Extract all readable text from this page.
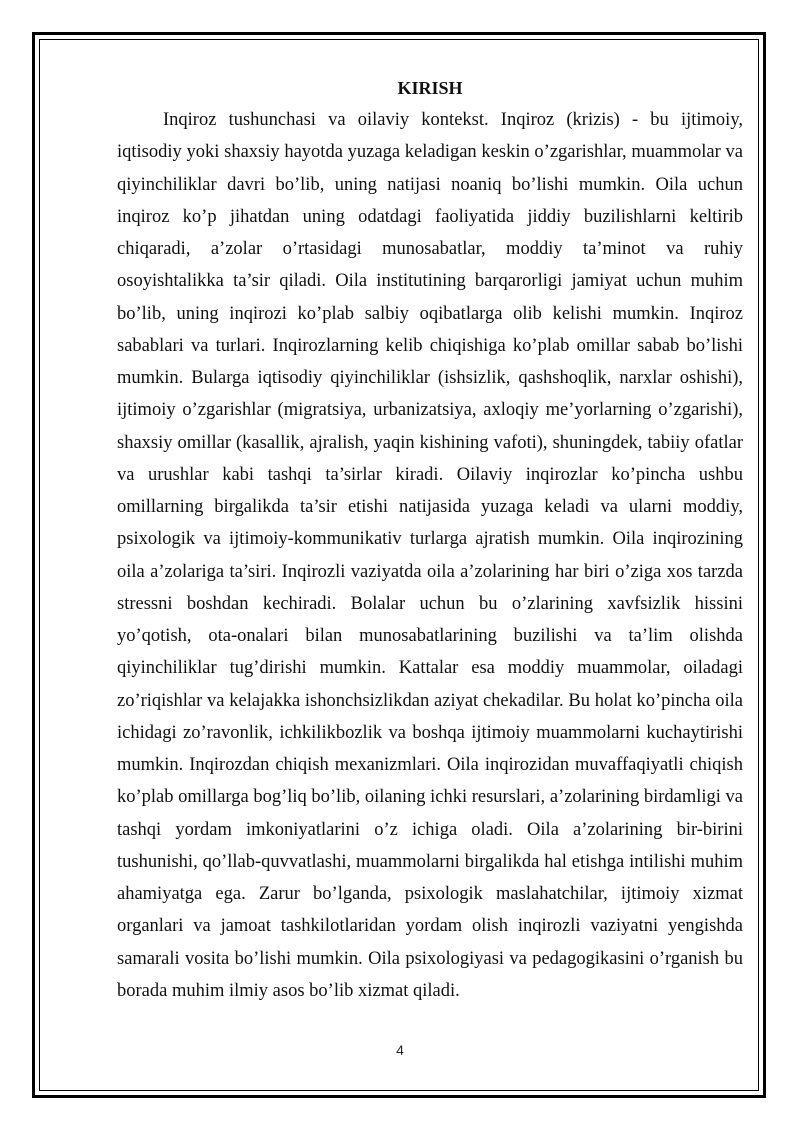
KIRISH

Inqiroz tushunchasi va oilaviy kontekst. Inqiroz (krizis) - bu ijtimoiy, iqtisodiy yoki shaxsiy hayotda yuzaga keladigan keskin o’zgarishlar, muammolar va qiyinchiliklar davri bo’lib, uning natijasi noaniq bo’lishi mumkin. Oila uchun inqiroz ko’p jihatdan uning odatdagi faoliyatida jiddiy buzilishlarni keltirib chiqaradi, a’zolar o’rtasidagi munosabatlar, moddiy ta’minot va ruhiy osoyishtalikka ta’sir qiladi. Oila institutining barqarorligi jamiyat uchun muhim bo’lib, uning inqirozi ko’plab salbiy oqibatlarga olib kelishi mumkin. Inqiroz sabablari va turlari. Inqirozlarning kelib chiqishiga ko’plab omillar sabab bo’lishi mumkin. Bularga iqtisodiy qiyinchiliklar (ishsizlik, qashshoqlik, narxlar oshishi), ijtimoiy o’zgarishlar (migratsiya, urbanizatsiya, axloqiy me’yorlarning o’zgarishi), shaxsiy omillar (kasallik, ajralish, yaqin kishining vafoti), shuningdek, tabiiy ofatlar va urushlar kabi tashqi ta’sirlar kiradi. Oilaviy inqirozlar ko’pincha ushbu omillarning birgalikda ta’sir etishi natijasida yuzaga keladi va ularni moddiy, psixologik va ijtimoiy-kommunikativ turlarga ajratish mumkin. Oila inqirozining oila a’zolariga ta’siri. Inqirozli vaziyatda oila a’zolarining har biri o’ziga xos tarzda stressni boshdan kechiradi. Bolalar uchun bu o’zlarining xavfsizlik hissini yo’qotish, ota-onalari bilan munosabatlarining buzilishi va ta’lim olishda qiyinchiliklar tug’dirishi mumkin. Kattalar esa moddiy muammolar, oiladagi zo’riqishlar va kelajakka ishonchsizlikdan aziyat chekadilar. Bu holat ko’pincha oila ichidagi zo’ravonlik, ichkilikbozlik va boshqa ijtimoiy muammolarni kuchaytirishi mumkin. Inqirozdan chiqish mexanizmlari. Oila inqirozidan muvaffaqiyatli chiqish ko’plab omillarga bog’liq bo’lib, oilaning ichki resurslari, a’zolarining birdamligi va tashqi yordam imkoniyatlarini o’z ichiga oladi. Oila a’zolarining bir-birini tushunishi, qo’llab-quvvatlashi, muammolarni birgalikda hal etishga intilishi muhim ahamiyatga ega. Zarur bo’lganda, psixologik maslahatchilar, ijtimoiy xizmat organlari va jamoat tashkilotlaridan yordam olish inqirozli vaziyatni yengishda samarali vosita bo’lishi mumkin. Oila psixologiyasi va pedagogikasini o’rganish bu borada muhim ilmiy asos bo’lib xizmat qiladi.

4
